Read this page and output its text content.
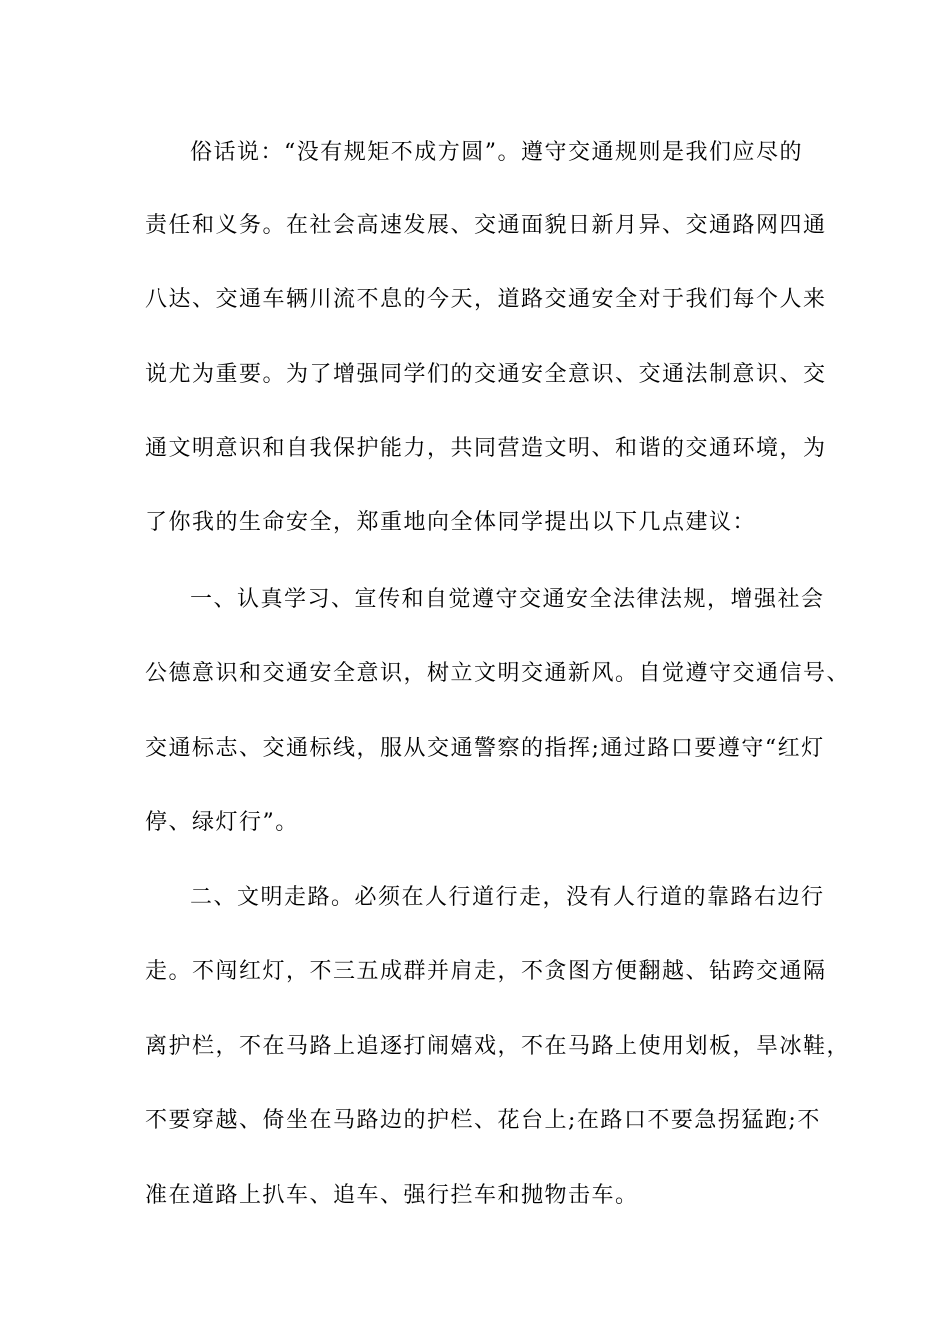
俗话说：“没有规矩不成方圆”。遵守交通规则是我们应尽的
责任和义务。在社会高速发展、交通面貌日新月异、交通路网四通
八达、交通车辆川流不息的今天，道路交通安全对于我们每个人来
说尤为重要。为了增强同学们的交通安全意识、交通法制意识、交
通文明意识和自我保护能力，共同营造文明、和谐的交通环境，为
了你我的生命安全，郑重地向全体同学提出以下几点建议：
一、认真学习、宣传和自觉遵守交通安全法律法规，增强社会
公德意识和交通安全意识，树立文明交通新风。自觉遵守交通信号、
交通标志、交通标线，服从交通警察的指挥;通过路口要遵守“红灯
停、绿灯行”。
二、文明走路。必须在人行道行走，没有人行道的靠路右边行
走。不闯红灯，不三五成群并肩走，不贪图方便翻越、钻跨交通隔
离护栏，不在马路上追逐打闹嬉戏，不在马路上使用划板，旱冰鞋，
不要穿越、倚坐在马路边的护栏、花台上;在路口不要急拐猛跑;不
准在道路上扒车、追车、强行拦车和抛物击车。
